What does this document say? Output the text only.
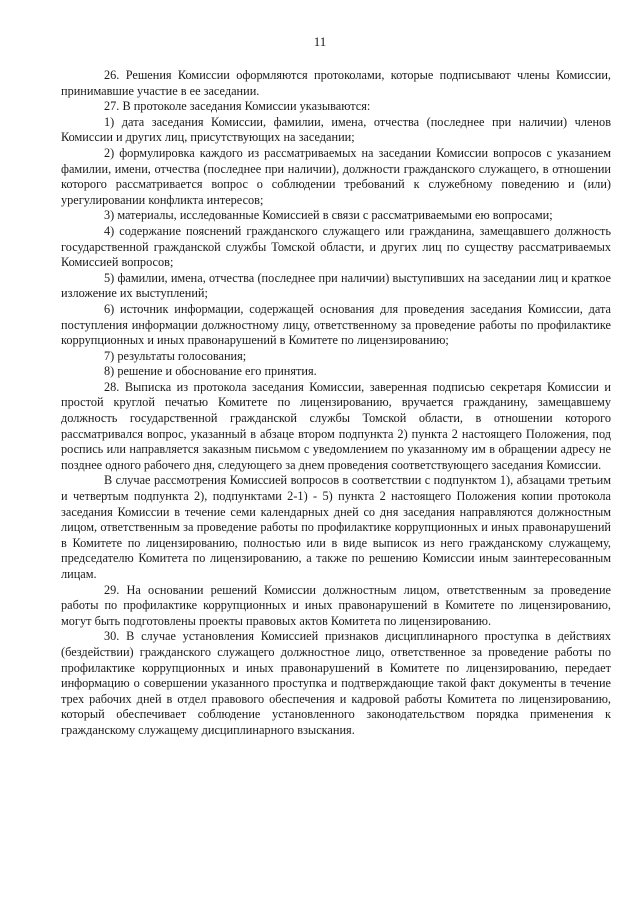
11

26. Решения Комиссии оформляются протоколами, которые подписывают члены Комиссии, принимавшие участие в ее заседании.

27. В протоколе заседания Комиссии указываются:

1) дата заседания Комиссии, фамилии, имена, отчества (последнее при наличии) членов Комиссии и других лиц, присутствующих на заседании;

2) формулировка каждого из рассматриваемых на заседании Комиссии вопросов с указанием фамилии, имени, отчества (последнее при наличии), должности гражданского служащего, в отношении которого рассматривается вопрос о соблюдении требований к служебному поведению и (или) урегулировании конфликта интересов;

3) материалы, исследованные Комиссией в связи с рассматриваемыми ею вопросами;

4) содержание пояснений гражданского служащего или гражданина, замещавшего должность государственной гражданской службы Томской области, и других лиц по существу рассматриваемых Комиссией вопросов;

5) фамилии, имена, отчества (последнее при наличии) выступивших на заседании лиц и краткое изложение их выступлений;

6) источник информации, содержащей основания для проведения заседания Комиссии, дата поступления информации должностному лицу, ответственному за проведение работы по профилактике коррупционных и иных правонарушений в Комитете по лицензированию;

7) результаты голосования;

8) решение и обоснование его принятия.

28. Выписка из протокола заседания Комиссии, заверенная подписью секретаря Комиссии и простой круглой печатью Комитете по лицензированию, вручается гражданину, замещавшему должность государственной гражданской службы Томской области, в отношении которого рассматривался вопрос, указанный в абзаце втором подпункта 2) пункта 2 настоящего Положения, под роспись или направляется заказным письмом с уведомлением по указанному им в обращении адресу не позднее одного рабочего дня, следующего за днем проведения соответствующего заседания Комиссии.

В случае рассмотрения Комиссией вопросов в соответствии с подпунктом 1), абзацами третьим и четвертым подпункта 2), подпунктами 2-1) - 5) пункта 2 настоящего Положения копии протокола заседания Комиссии в течение семи календарных дней со дня заседания направляются должностным лицом, ответственным за проведение работы по профилактике коррупционных и иных правонарушений в Комитете по лицензированию, полностью или в виде выписок из него гражданскому служащему, председателю Комитета по лицензированию, а также по решению Комиссии иным заинтересованным лицам.

29. На основании решений Комиссии должностным лицом, ответственным за проведение работы по профилактике коррупционных и иных правонарушений в Комитете по лицензированию, могут быть подготовлены проекты правовых актов Комитета по лицензированию.

30. В случае установления Комиссией признаков дисциплинарного проступка в действиях (бездействии) гражданского служащего должностное лицо, ответственное за проведение работы по профилактике коррупционных и иных правонарушений в Комитете по лицензированию, передает информацию о совершении указанного проступка и подтверждающие такой факт документы в течение трех рабочих дней в отдел правового обеспечения и кадровой работы Комитета по лицензированию, который обеспечивает соблюдение установленного законодательством порядка применения к гражданскому служащему дисциплинарного взыскания.
